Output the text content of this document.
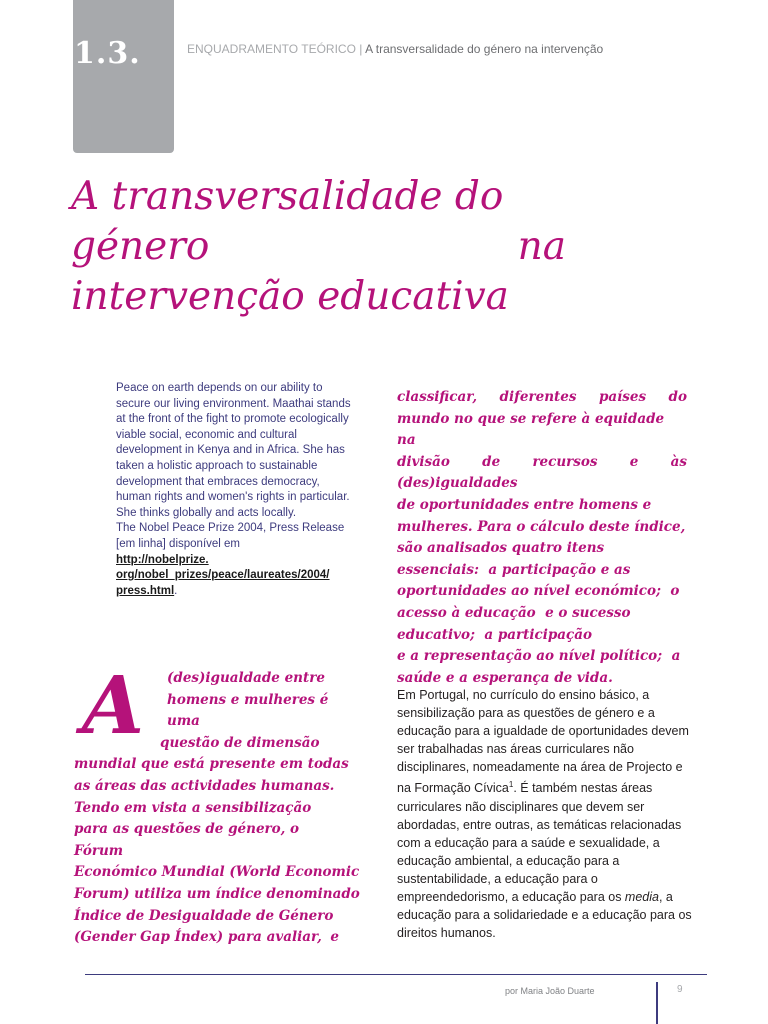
1.3.	ENQUADRAMENTO TEÓRICO | A transversalidade do género na intervenção
A transversalidade do
género	na
intervenção educativa
Peace on earth depends on our ability to secure our living environment. Maathai stands at the front of the fight to promote ecologically viable social, economic and cultural development in Kenya and in Africa. She has taken a holistic approach to sustainable development that embraces democracy, human rights and women's rights in particular. She thinks globally and acts locally.
The Nobel Peace Prize 2004, Press Release [em linha] disponível em
http://nobelprize.
org/nobel_prizes/peace/laureates/2004/
press.html.
classificar, diferentes países do
mundo no que se refere à equidade na
divisão de recursos e às
(des)igualdades
de oportunidades entre homens e
mulheres. Para o cálculo deste índice,
são analisados quatro itens
essenciais:  a participação e as
oportunidades ao nível económico;  o
acesso à educação  e o sucesso
educativo;  a participação
e a representação ao nível político;  a
saúde e a esperança de vida.
A	(des)igualdade entre
homens e mulheres é uma
questão de dimensão
mundial que está presente em todas
as áreas das actividades humanas.
Tendo em vista a sensibilização
para as questões de género, o
Fórum
Económico Mundial (World Economic
Forum) utiliza um índice denominado
Índice de Desigualdade de Género
(Gender Gap Índex) para avaliar, e
Em Portugal, no currículo do ensino básico, a sensibilização para as questões de género e a educação para a igualdade de oportunidades devem ser trabalhadas nas áreas curriculares não disciplinares, nomeadamente na área de Projecto e na Formação Cívica$^1$. É também nestas áreas curriculares não disciplinares que devem ser abordadas, entre outras, as temáticas relacionadas com a educação para a saúde e sexualidade, a educação ambiental, a educação para a sustentabilidade, a educação para o empreendedorismo, a educação para os media, a educação para a solidariedade e a educação para os direitos humanos.
por Maria João Duarte	9
